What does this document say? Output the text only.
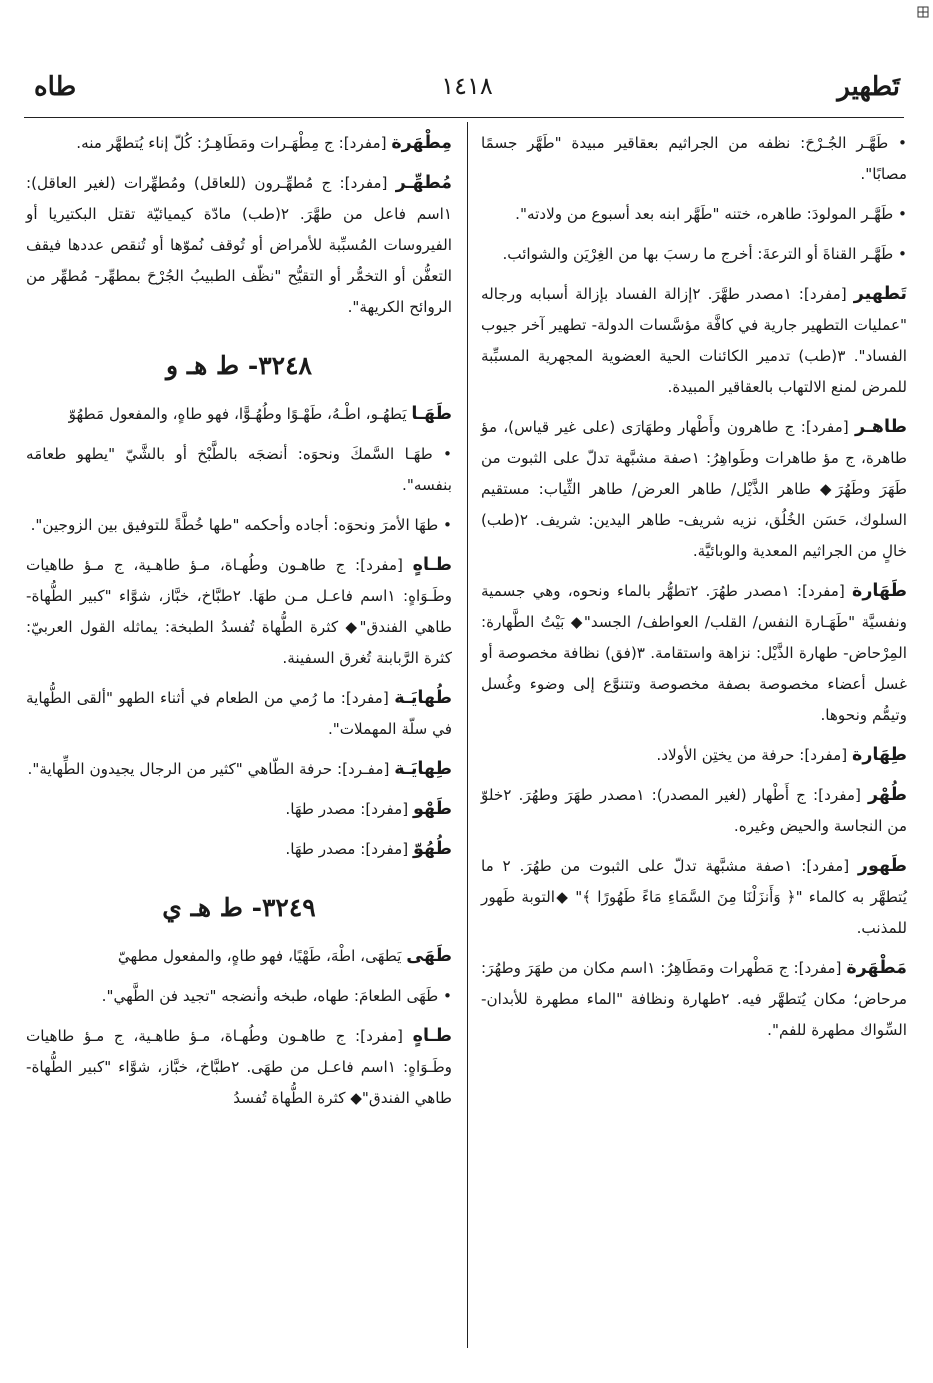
تَطهير
١٤١٨
طاه

• طَهَّـر الجُـرْحَ: نظفه من الجراثيم بعقاقير مبيدة "طَهَّر جسمًا مصابًا".

• طَهَّـر المولودَ: طاهره، ختنه "طَهَّر ابنه بعد أسبوع من ولادته".

• طَهَّـر القناةَ أو الترعةَ: أخرج ما رسبَ بها من الغِرْيَن والشوائب.

تَطهير [مفرد]: ١مصدر طهَّرَ. ٢إزالة الفساد بإزالة أسبابه ورجاله "عمليات التطهير جارية في كافَّة مؤسَّسات الدولة- تطهير آخر جيوب الفساد". ٣(طب) تدمير الكائنات الحية العضوية المجهرية المسبِّبة للمرض لمنع الالتهاب بالعقاقير المبيدة.

طاهـر [مفرد]: ج طاهرون وأَطْهار وطهَارَى (على غير قياس)، مؤ طاهرة، ج مؤ طاهرات وطَواهِرُ: ١صفة مشبَّهة تدلّ على الثبوت من طَهَرَ وطَهُرَ◆ طاهر الذَّيْل/ طاهر العرض/ طاهر الثِّياب: مستقيم السلوك، حَسَن الخُلُق، نزيه شريف- طاهر اليدين: شريف. ٢(طب) خالٍ من الجراثيم المعدية والوبائيَّة.

طَهَارة [مفرد]: ١مصدر طهُرَ. ٢تطهُّر بالماء ونحوه، وهي جسمية ونفسيَّة "طَهَـارة النفس/ القلب/ العواطف/ الجسد"◆ بَيْتُ الطَّهارة: المِرْحاض- طهارة الذَّيْل: نزاهة واستقامة. ٣(فق) نظافة مخصوصة أو غسل أعضاء مخصوصة بصفة مخصوصة وتتنوَّع إلى وضوء وغُسل وتيمُّم ونحوها.

طِهَارة [مفرد]: حرفة من يختِن الأولاد.

طُهْر [مفرد]: ج أَطْهار (لغير المصدر): ١مصدر طهَرَ وطهُرَ. ٢خلوّ من النجاسة والحيض وغيره.

طَهور [مفرد]: ١صفة مشبَّهة تدلّ على الثبوت من طهُرَ. ٢ ما يُتطهَّر به كالماء "﴿ وَأَنزَلْنَا مِنَ السَّمَاءِ مَاءً طَهُورًا ﴾" ◆التوبة طَهور للمذنب.

مَطْهَرة [مفرد]: ج مَطْهرات ومَطَاهِرُ: ١اسم مكان من طهَرَ وطهُرَ: مرحاض؛ مكان يُتطهَّر فيه. ٢طهارة ونظافة "الماء مطهرة للأبدان- السِّواك مطهرة للفم".

مِطْهَرة [مفرد]: ج مِطْهَـرات ومَطَاهِـرُ: كُلّ إناء يُتطهَّر منه.

مُطهِّـر [مفرد]: ج مُطهِّـرون (للعاقل) ومُطهِّرات (لغير العاقل): ١اسم فاعل من طهَّرَ. ٢(طب) مادّة كيميائيّة تقتل البكتيريا أو الفيروسات المُسبِّبة للأمراض أو تُوقف نُموّها أو تُنقص عددها فيقف التعفُّن أو التخمُّر أو التقيُّح "نظّف الطبيبُ الجُرْحَ بمطهِّر- مُطهِّر من الروائح الكريهة".

٣٢٤٨- ط هـ و

طَهَـا يَطهُـو، اطْـهُ، طَهْـوًا وطُهُـوًّا، فهو طاهٍ، والمفعول مَطهُوّ

• طهَـا السَّمكَ ونحوَه: أنضجَه بالطَّبْخ أو بالشَّيّ "يطهو طعامَه بنفسه".

• طهَا الأمرَ ونحوَه: أجاده وأحكمه "طها خُطَّةً للتوفيق بين الزوجين".

طـاهٍ [مفرد]: ج طاهـون وطُهـاة، مـؤ طاهـية، ج مـؤ طاهيات وطَـوَاهٍ: ١اسم فاعـل مـن طهَا. ٢طبَّاخ، خبَّاز، شوَّاء "كبير الطُّهاة- طاهي الفندق"◆ كثرة الطُّهاة تُفسدُ الطبخة: يماثله القول العربيّ: كثرة الرَّبابنة تُغرق السفينة.

طُهايَـة [مفرد]: ما رُمي من الطعام في أثناء الطهو "ألقى الطُّهاية في سلّة المهملات".

طِهايَـة [مفـرد]: حرفة الطّاهي "كثير من الرجال يجيدون الطِّهاية".

طَهْو [مفرد]: مصدر طهَا.

طُهُوّ [مفرد]: مصدر طهَا.

٣٢٤٩- ط هـ ي

طَهَى يَطهَى، اطْهَ، طَهْيًا، فهو طاهٍ، والمفعول مطهيّ

• طَهَى الطعامَ: طهاه، طبخه وأنضجه "تجيد فن الطَّهي".

طـاهٍ [مفرد]: ج طاهـون وطُهـاة، مـؤ طاهـية، ج مـؤ طاهيات وطَـوَاهٍ: ١اسم فاعـل من طهَى. ٢طبَّاخ، خبَّاز، شوَّاء "كبير الطُّهاة- طاهي الفندق"◆ كثرة الطُّهاة تُفسدُ
